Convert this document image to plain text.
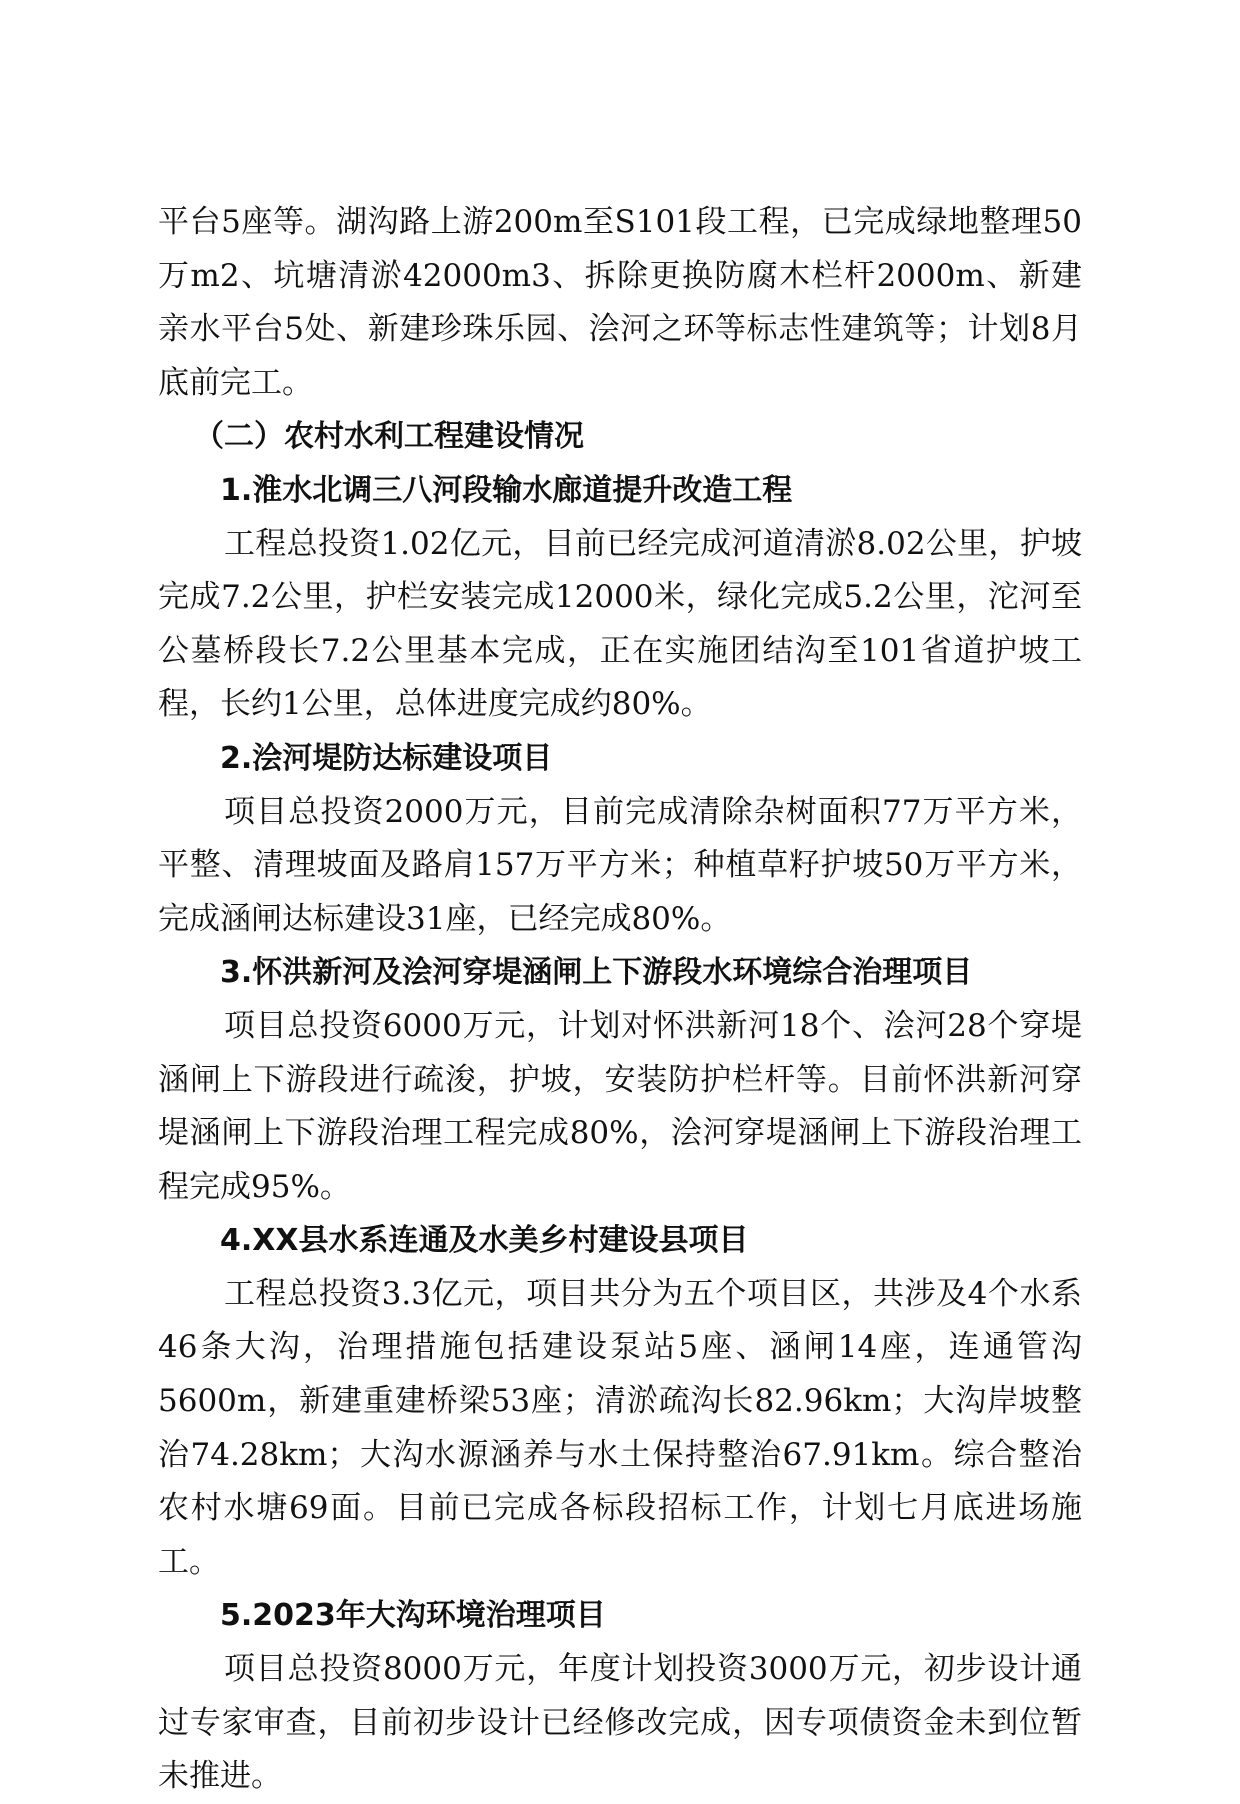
平台5座等。湖沟路上游200m至S101段工程，已完成绿地整理50万m2、坑塘清淤42000m3、拆除更换防腐木栏杆2000m、新建亲水平台5处、新建珍珠乐园、浍河之环等标志性建筑等；计划8月底前完工。

（二）农村水利工程建设情况

1.淮水北调三八河段输水廊道提升改造工程

工程总投资1.02亿元，目前已经完成河道清淤8.02公里，护坡完成7.2公里，护栏安装完成12000米，绿化完成5.2公里，沱河至公墓桥段长7.2公里基本完成，正在实施团结沟至101省道护坡工程，长约1公里，总体进度完成约80%。

2.浍河堤防达标建设项目

项目总投资2000万元，目前完成清除杂树面积77万平方米，平整、清理坡面及路肩157万平方米；种植草籽护坡50万平方米，完成涵闸达标建设31座，已经完成80%。

3.怀洪新河及浍河穿堤涵闸上下游段水环境综合治理项目

项目总投资6000万元，计划对怀洪新河18个、浍河28个穿堤涵闸上下游段进行疏浚，护坡，安装防护栏杆等。目前怀洪新河穿堤涵闸上下游段治理工程完成80%，浍河穿堤涵闸上下游段治理工程完成95%。

4.XX县水系连通及水美乡村建设县项目

工程总投资3.3亿元，项目共分为五个项目区，共涉及4个水系46条大沟，治理措施包括建设泵站5座、涵闸14座，连通管沟5600m，新建重建桥梁53座；清淤疏沟长82.96km；大沟岸坡整治74.28km；大沟水源涵养与水土保持整治67.91km。综合整治农村水塘69面。目前已完成各标段招标工作，计划七月底进场施工。

5.2023年大沟环境治理项目

项目总投资8000万元，年度计划投资3000万元，初步设计通过专家审查，目前初步设计已经修改完成，因专项债资金未到位暂未推进。
